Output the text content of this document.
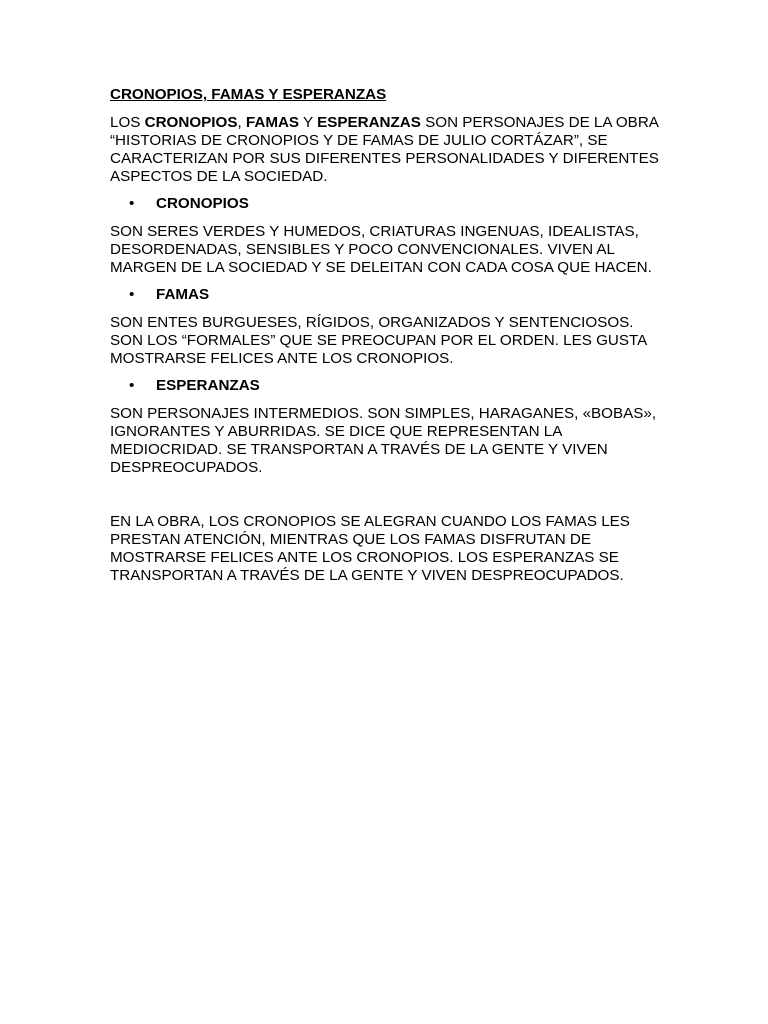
CRONOPIOS, FAMAS Y ESPERANZAS

LOS CRONOPIOS, FAMAS Y ESPERANZAS SON PERSONAJES DE LA OBRA “HISTORIAS DE CRONOPIOS Y DE FAMAS DE JULIO CORTÁZAR”, SE CARACTERIZAN POR SUS DIFERENTES PERSONALIDADES Y DIFERENTES ASPECTOS DE LA SOCIEDAD.

•	CRONOPIOS

SON SERES VERDES Y HUMEDOS, CRIATURAS INGENUAS, IDEALISTAS, DESORDENADAS, SENSIBLES Y POCO CONVENCIONALES. VIVEN AL MARGEN DE LA SOCIEDAD Y SE DELEITAN CON CADA COSA QUE HACEN.

•	FAMAS

SON ENTES BURGUESES, RÍGIDOS, ORGANIZADOS Y SENTENCIOSOS. SON LOS “FORMALES” QUE SE PREOCUPAN POR EL ORDEN. LES GUSTA MOSTRARSE FELICES ANTE LOS CRONOPIOS.

•	ESPERANZAS

SON PERSONAJES INTERMEDIOS. SON SIMPLES, HARAGANES, «BOBAS», IGNORANTES Y ABURRIDAS. SE DICE QUE REPRESENTAN LA MEDIOCRIDAD. SE TRANSPORTAN A TRAVÉS DE LA GENTE Y VIVEN DESPREOCUPADOS.

EN LA OBRA, LOS CRONOPIOS SE ALEGRAN CUANDO LOS FAMAS LES PRESTAN ATENCIÓN, MIENTRAS QUE LOS FAMAS DISFRUTAN DE MOSTRARSE FELICES ANTE LOS CRONOPIOS. LOS ESPERANZAS SE TRANSPORTAN A TRAVÉS DE LA GENTE Y VIVEN DESPREOCUPADOS.
